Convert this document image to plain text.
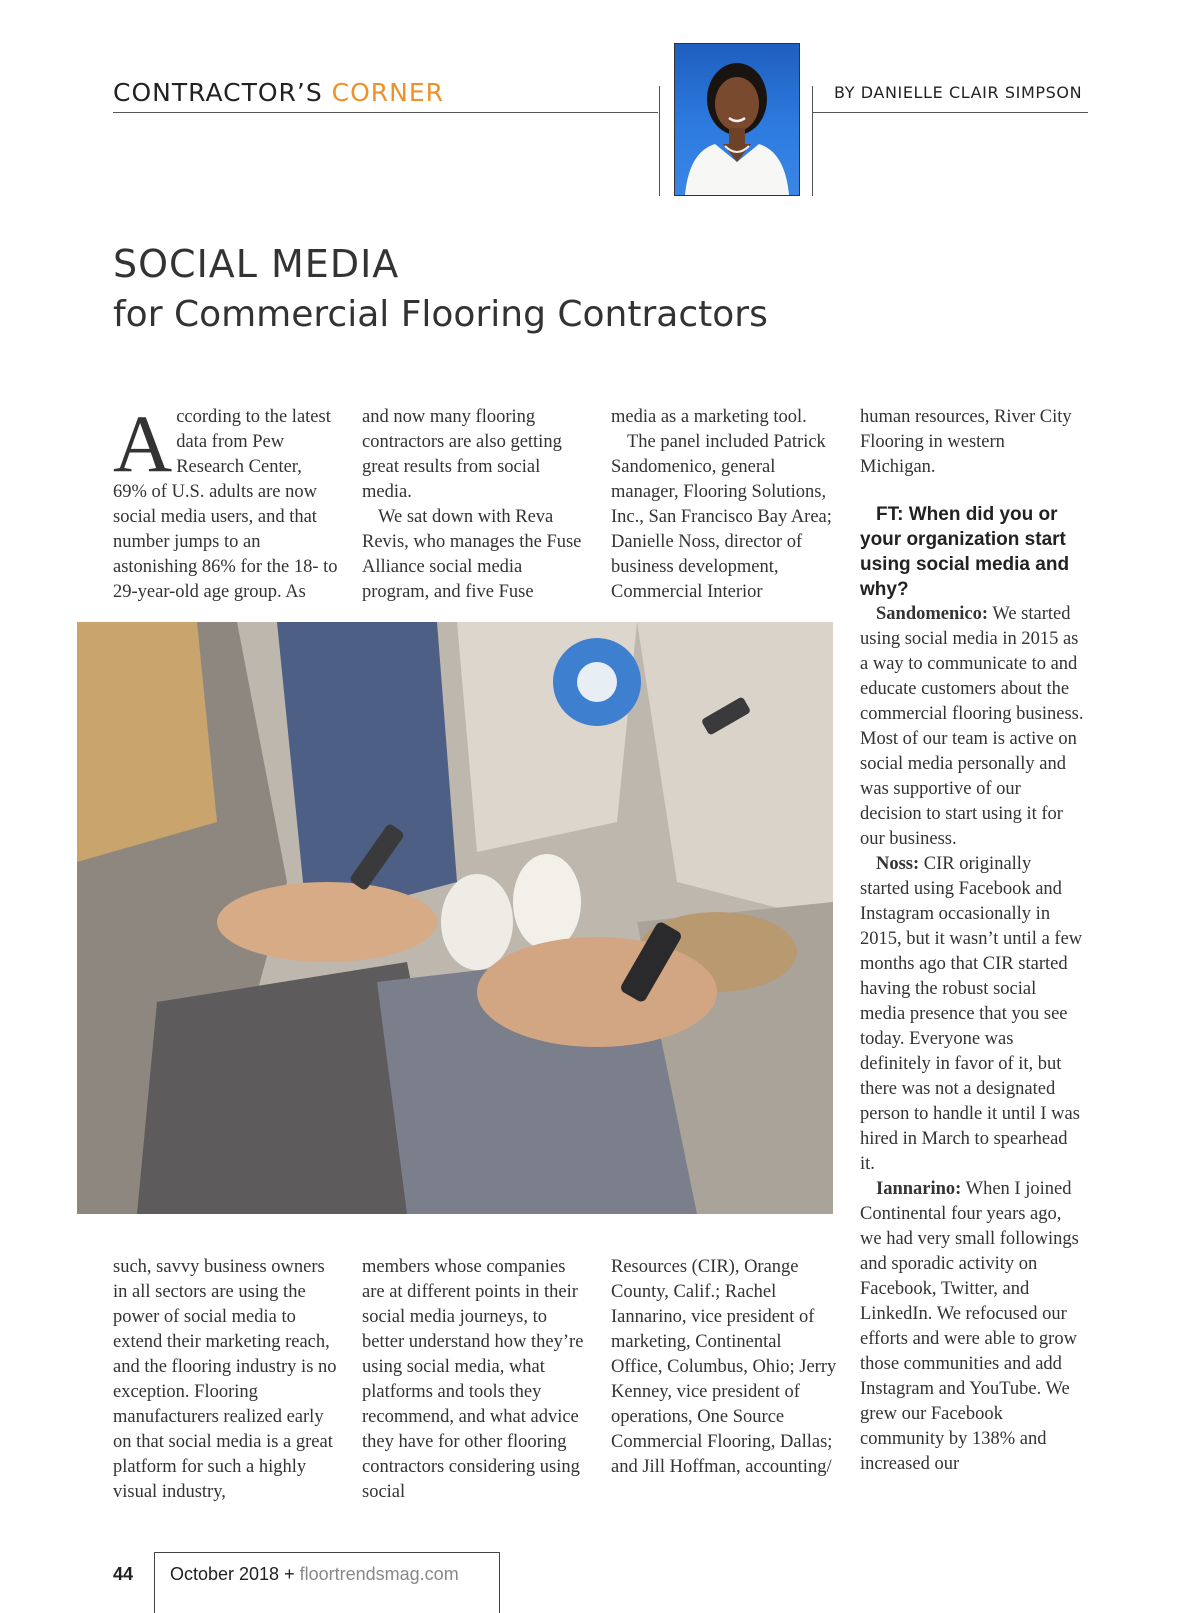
CONTRACTOR’S CORNER	BY DANIELLE CLAIR SIMPSON
SOCIAL MEDIA
for Commercial Flooring Contractors
A ccording to the latest data from Pew Research Center, 69% of U.S. adults are now social media users, and that number jumps to an astonishing 86% for the 18- to 29-year-old age group. As

and now many flooring contractors are also getting great results from social media.

We sat down with Reva Revis, who manages the Fuse Alliance social media program, and five Fuse

media as a marketing tool.

The panel included Patrick Sandomenico, general manager, Flooring Solutions, Inc., San Francisco Bay Area; Danielle Noss, director of business development, Commercial Interior

human resources, River City Flooring in western Michigan.

FT: When did you or your organization start using social media and why?

Sandomenico: We started using social media in 2015 as a way to communicate to and educate customers about the commercial flooring business. Most of our team is active on social media personally and was supportive of our decision to start using it for our business.

Noss: CIR originally started using Facebook and Instagram occasionally in 2015, but it wasn’t until a few months ago that CIR started having the robust social media presence that you see today. Everyone was definitely in favor of it, but there was not a designated person to handle it until I was hired in March to spearhead it.

Iannarino: When I joined Continental four years ago, we had very small followings and sporadic activity on Facebook, Twitter, and LinkedIn. We refocused our efforts and were able to grow those communities and add Instagram and YouTube. We grew our Facebook community by 138% and increased our

such, savvy business owners in all sectors are using the power of social media to extend their marketing reach, and the flooring industry is no exception. Flooring manufacturers realized early on that social media is a great platform for such a highly visual industry,

members whose companies are at different points in their social media journeys, to better understand how they’re using social media, what platforms and tools they recommend, and what advice they have for other flooring contractors considering using social

Resources (CIR), Orange County, Calif.; Rachel Iannarino, vice president of marketing, Continental Office, Columbus, Ohio; Jerry Kenney, vice president of operations, One Source Commercial Flooring, Dallas; and Jill Hoffman, accounting/

44 October 2018 + floortrendsmag.com
